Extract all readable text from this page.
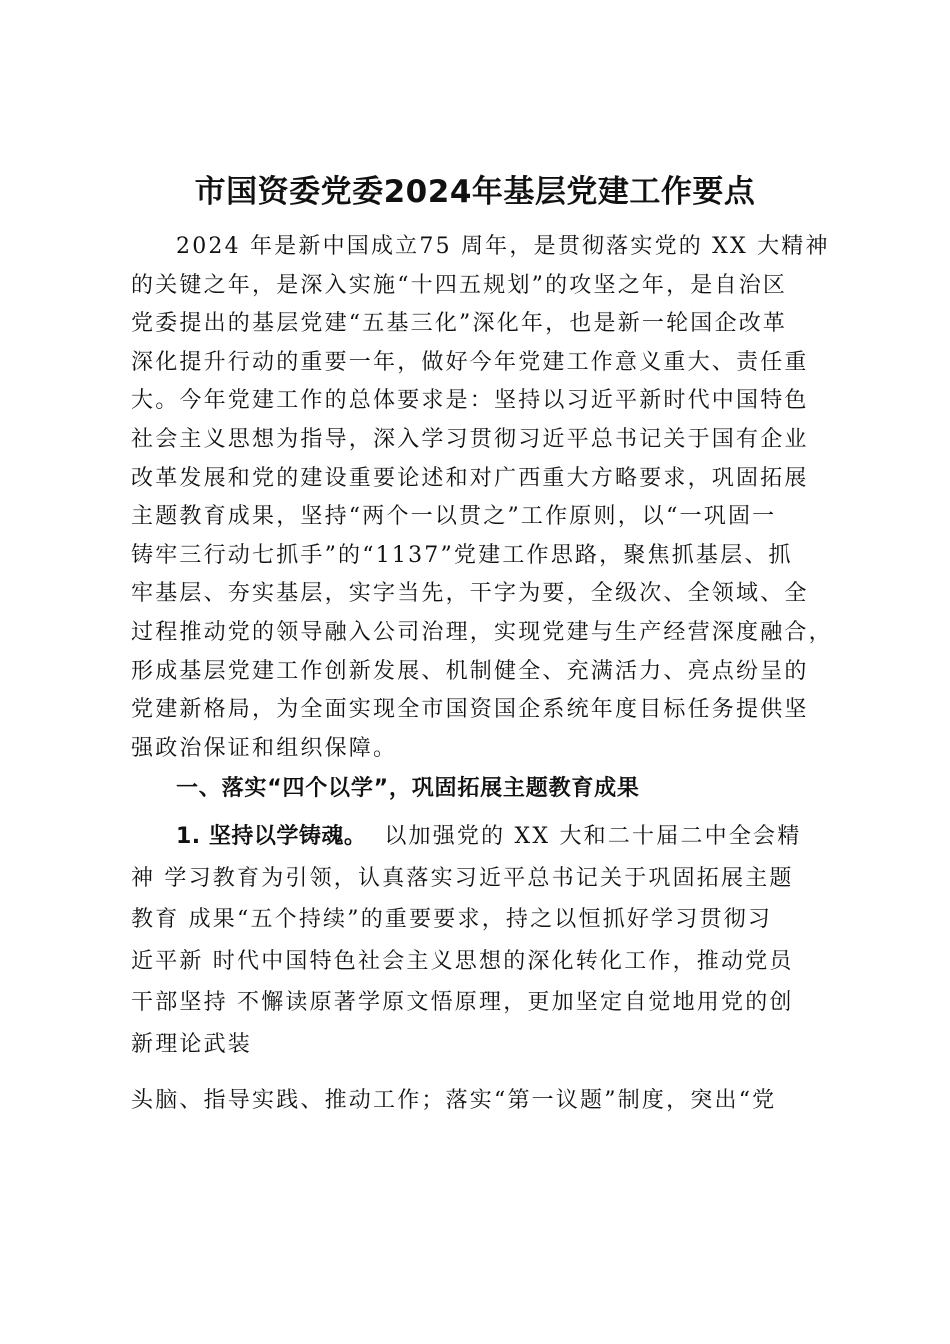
市国资委党委2024年基层党建工作要点
2024 年是新中国成立75 周年，是贯彻落实党的 XX 大精神
的关键之年，是深入实施“十四五规划”的攻坚之年，是自治区
党委提出的基层党建“五基三化”深化年，也是新一轮国企改革
深化提升行动的重要一年，做好今年党建工作意义重大、责任重
大。今年党建工作的总体要求是：坚持以习近平新时代中国特色
社会主义思想为指导，深入学习贯彻习近平总书记关于国有企业
改革发展和党的建设重要论述和对广西重大方略要求，巩固拓展
主题教育成果，坚持“两个一以贯之”工作原则，以“一巩固一
铸牢三行动七抓手”的“1137”党建工作思路，聚焦抓基层、抓
牢基层、夯实基层，实字当先，干字为要，全级次、全领域、全
过程推动党的领导融入公司治理，实现党建与生产经营深度融合，
形成基层党建工作创新发展、机制健全、充满活力、亮点纷呈的
党建新格局，为全面实现全市国资国企系统年度目标任务提供坚
强政治保证和组织保障。
一、落实“四个以学”，巩固拓展主题教育成果
1. 坚持以学铸魂。 以加强党的 XX 大和二十届二中全会精
神 学习教育为引领，认真落实习近平总书记关于巩固拓展主题
教育 成果“五个持续”的重要要求，持之以恒抓好学习贯彻习
近平新 时代中国特色社会主义思想的深化转化工作，推动党员
干部坚持 不懈读原著学原文悟原理，更加坚定自觉地用党的创
新理论武装
头脑、指导实践、推动工作；落实“第一议题”制度，突出“党
